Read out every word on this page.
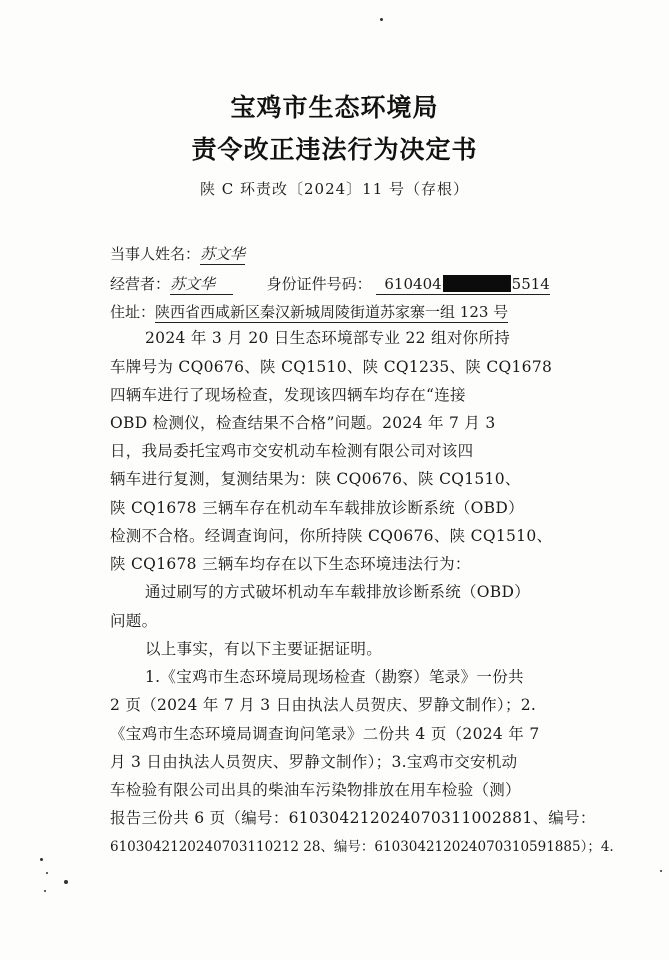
宝鸡市生态环境局
责令改正违法行为决定书
陕 C 环责改〔2024〕11 号（存根）
当事人姓名：苏文华
经营者：苏文华	身份证件号码： 610404	5514
住址：陕西省西咸新区秦汉新城周陵街道苏家寨一组 123 号
2024 年 3 月 20 日生态环境部专业 22 组对你所持
车牌号为 CQ0676、陕 CQ1510、陕 CQ1235、陕 CQ1678
四辆车进行了现场检查，发现该四辆车均存在“连接
OBD 检测仪，检查结果不合格”问题。2024 年 7 月 3
日，我局委托宝鸡市交安机动车检测有限公司对该四
辆车进行复测，复测结果为：陕 CQ0676、陕 CQ1510、
陕 CQ1678 三辆车存在机动车车载排放诊断系统（OBD）
检测不合格。经调查询问，你所持陕 CQ0676、陕 CQ1510、
陕 CQ1678 三辆车均存在以下生态环境违法行为：
通过刷写的方式破坏机动车车载排放诊断系统（OBD）
问题。
以上事实，有以下主要证据证明。
1.《宝鸡市生态环境局现场检查（勘察）笔录》一份共
2 页（2024 年 7 月 3 日由执法人员贺庆、罗静文制作）；2.
《宝鸡市生态环境局调查询问笔录》二份共 4 页（2024 年 7
月 3 日由执法人员贺庆、罗静文制作）；3.宝鸡市交安机动
车检验有限公司出具的柴油车污染物排放在用车检验（测）
报告三份共 6 页（编号：610304212024070311002881、编号：
6103042120240703110212 28、编号：610304212024070310591885）；4.
